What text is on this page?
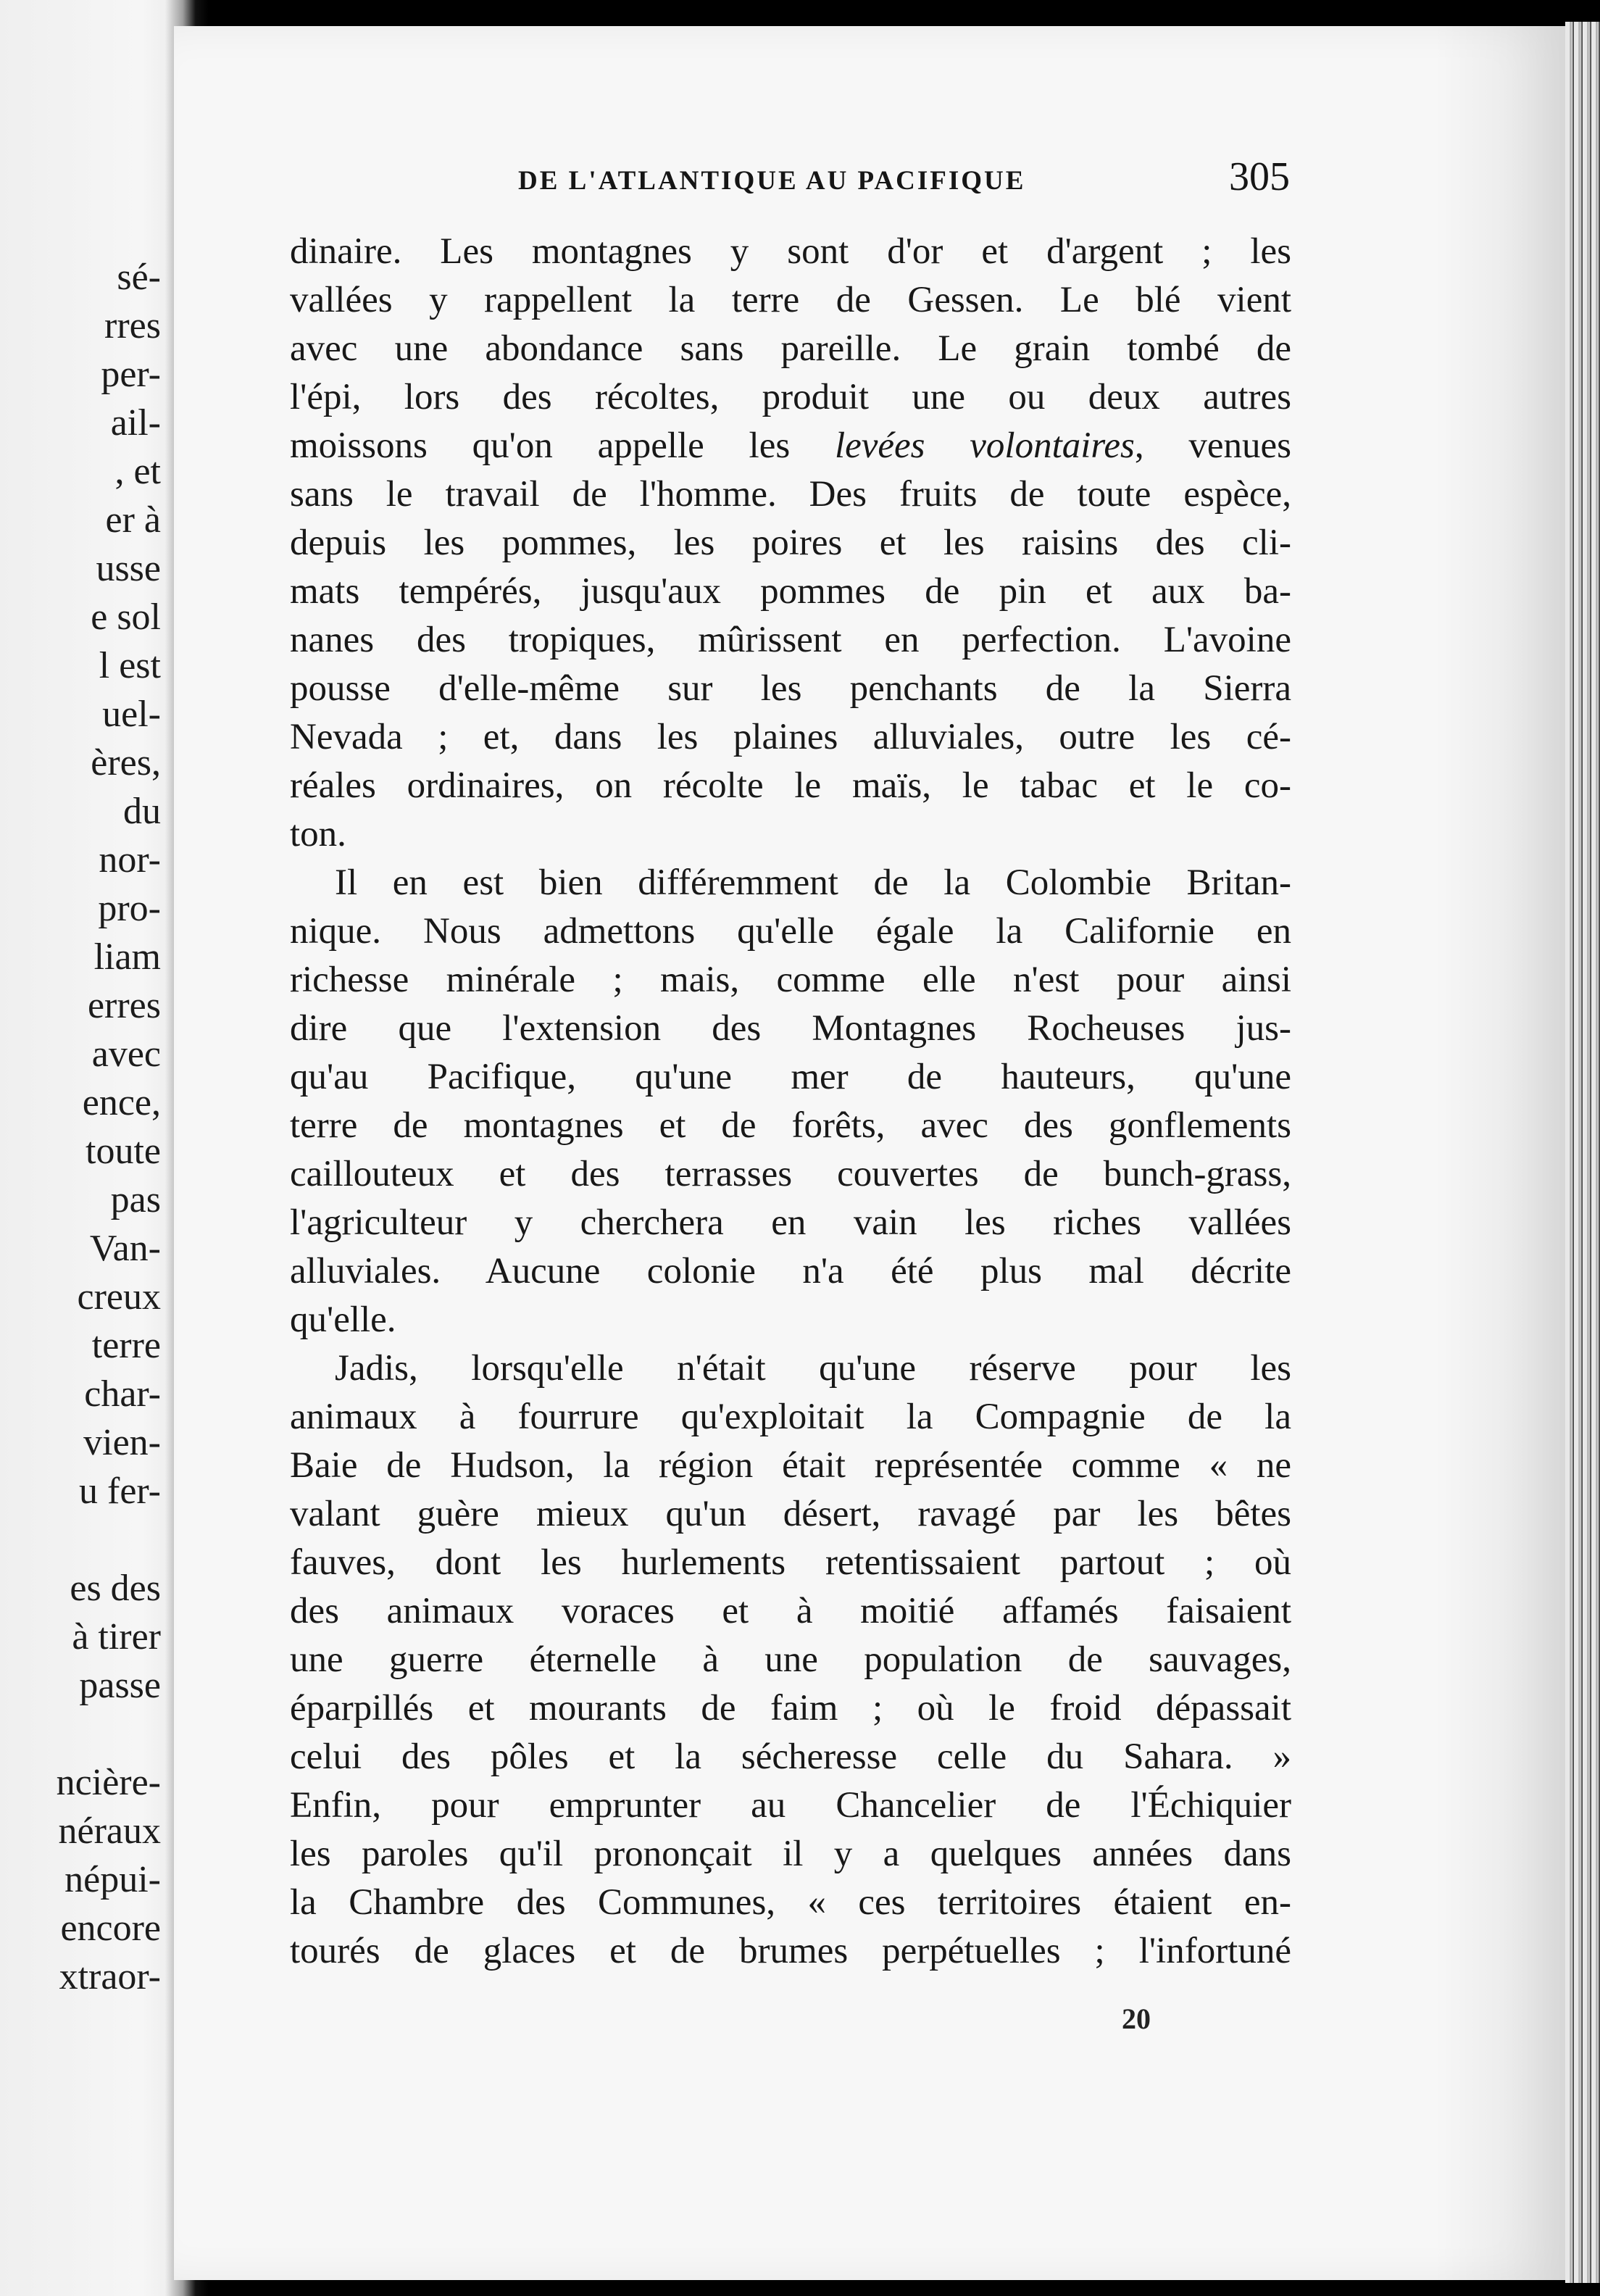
sé-
rres
per-
ail-
, et
er à
usse
e sol
l est
uel-
ères,
du
nor-
pro-
liam
erres
avec
ence,
toute
pas
Van-
creux
terre
char-
vien-
u fer-
es des
à tirer
passe
ncière-
néraux
népui-
encore
xtraor-
DE L'ATLANTIQUE AU PACIFIQUE	305
dinaire. Les montagnes y sont d'or et d'argent ; les
vallées y rappellent la terre de Gessen. Le blé vient
avec une abondance sans pareille. Le grain tombé de
l'épi, lors des récoltes, produit une ou deux autres
moissons qu'on appelle les levées volontaires, venues
sans le travail de l'homme. Des fruits de toute espèce,
depuis les pommes, les poires et les raisins des cli-
mats tempérés, jusqu'aux pommes de pin et aux ba-
nanes des tropiques, mûrissent en perfection. L'avoine
pousse d'elle-même sur les penchants de la Sierra
Nevada ; et, dans les plaines alluviales, outre les cé-
réales ordinaires, on récolte le maïs, le tabac et le co-
ton.
Il en est bien différemment de la Colombie Britan-
nique. Nous admettons qu'elle égale la Californie en
richesse minérale ; mais, comme elle n'est pour ainsi
dire que l'extension des Montagnes Rocheuses jus-
qu'au Pacifique, qu'une mer de hauteurs, qu'une
terre de montagnes et de forêts, avec des gonflements
caillouteux et des terrasses couvertes de bunch-grass,
l'agriculteur y cherchera en vain les riches vallées
alluviales. Aucune colonie n'a été plus mal décrite
qu'elle.
Jadis, lorsqu'elle n'était qu'une réserve pour les
animaux à fourrure qu'exploitait la Compagnie de la
Baie de Hudson, la région était représentée comme « ne
valant guère mieux qu'un désert, ravagé par les bêtes
fauves, dont les hurlements retentissaient partout ; où
des animaux voraces et à moitié affamés faisaient
une guerre éternelle à une population de sauvages,
éparpillés et mourants de faim ; où le froid dépassait
celui des pôles et la sécheresse celle du Sahara. »
Enfin, pour emprunter au Chancelier de l'Échiquier
les paroles qu'il prononçait il y a quelques années dans
la Chambre des Communes, « ces territoires étaient en-
tourés de glaces et de brumes perpétuelles ; l'infortuné
20
